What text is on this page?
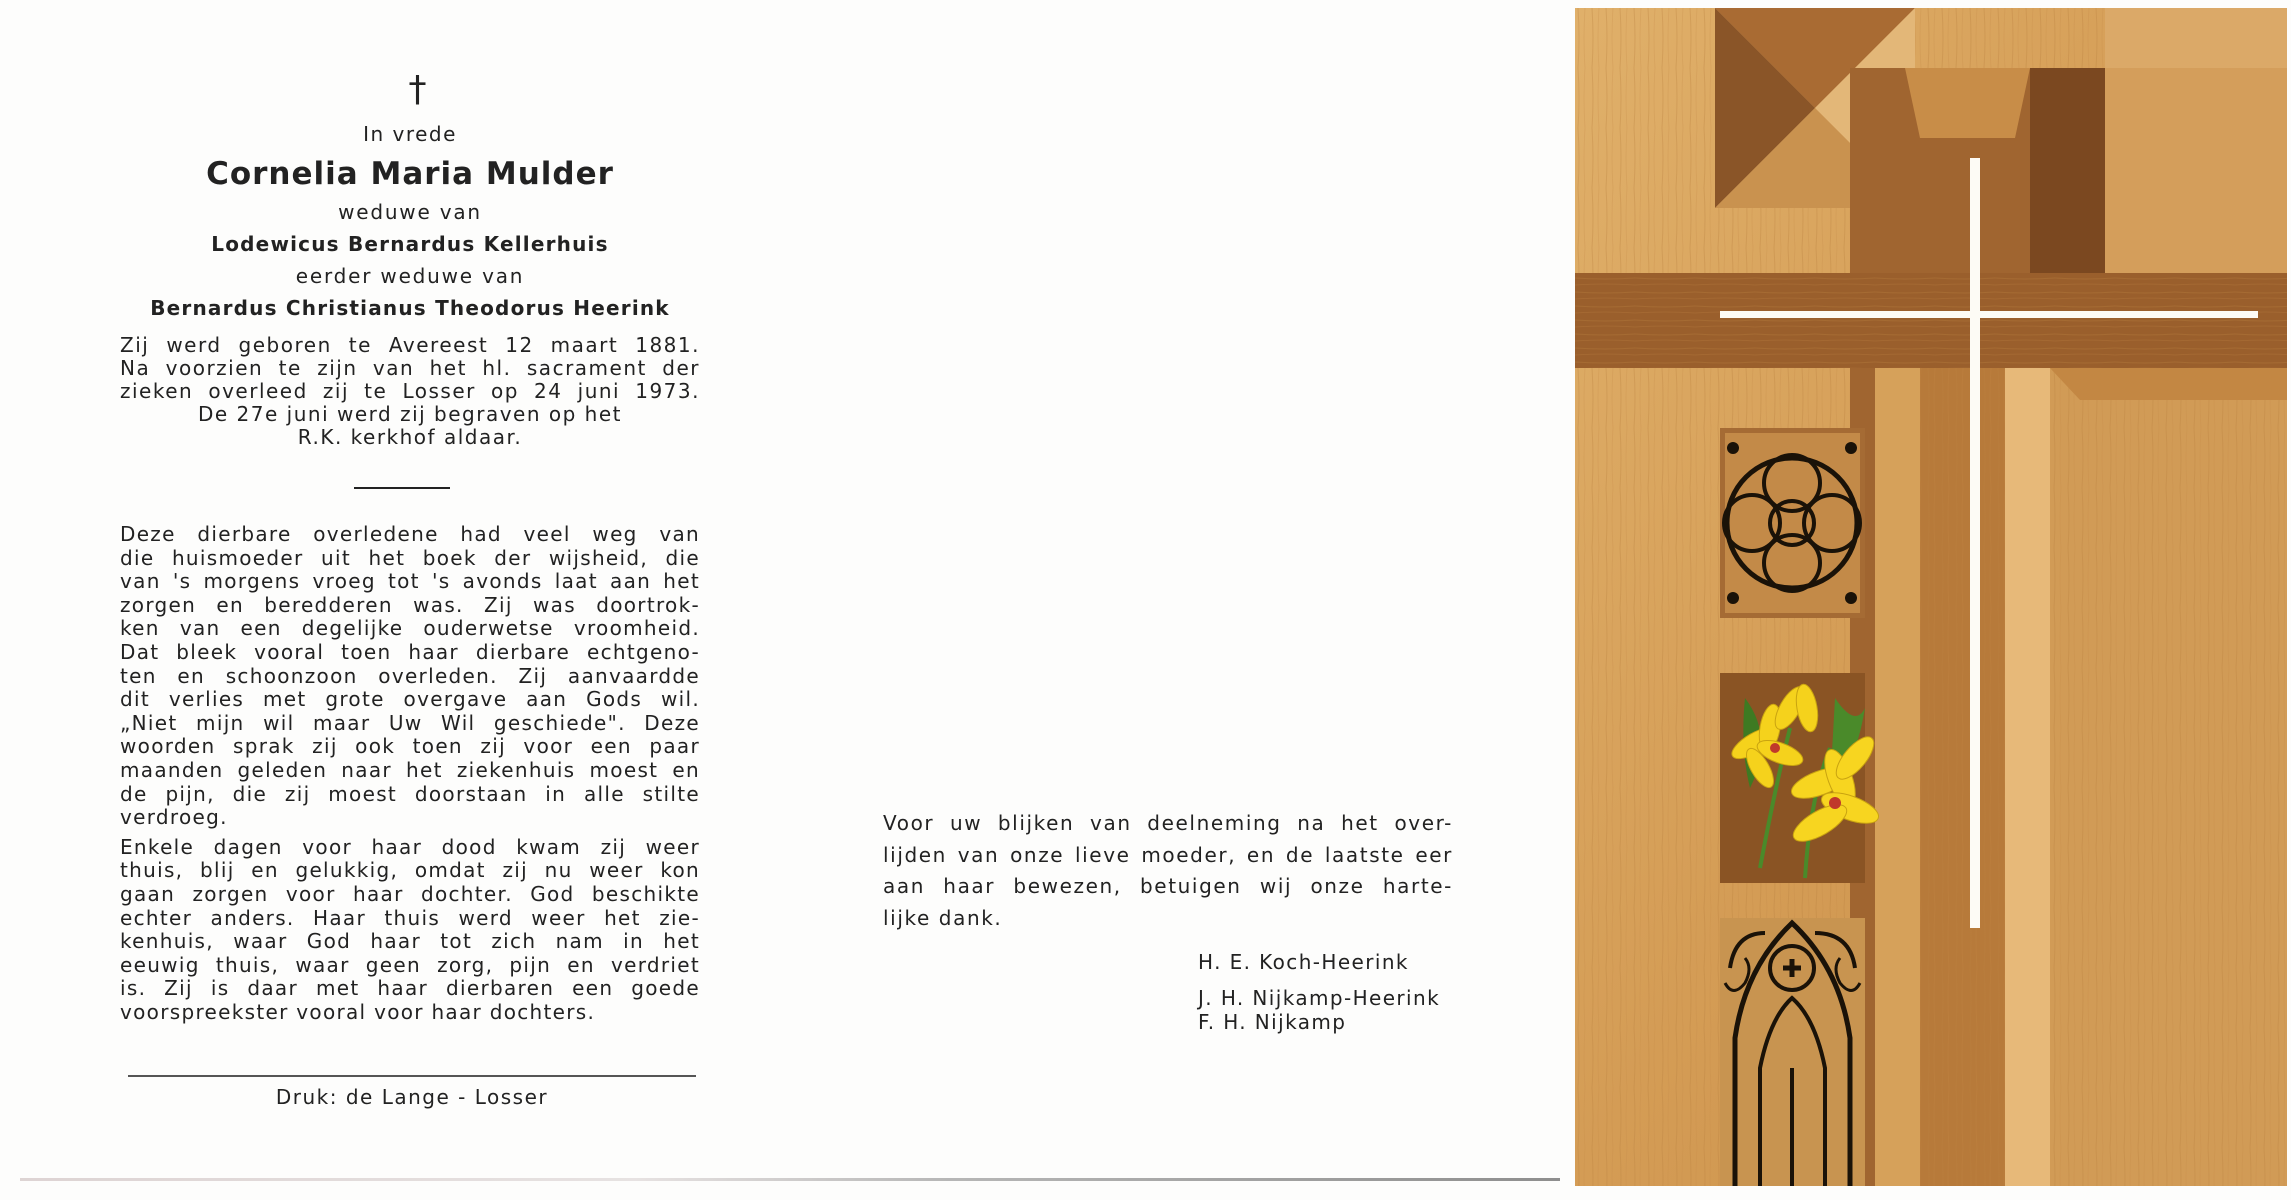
†
In vrede
Cornelia Maria Mulder
weduwe van
Lodewicus Bernardus Kellerhuis
eerder weduwe van
Bernardus Christianus Theodorus Heerink
Zij werd geboren te Avereest 12 maart 1881.
Na voorzien te zijn van het hl. sacrament der
zieken overleed zij te Losser op 24 juni 1973.
De 27e juni werd zij begraven op het
R.K. kerkhof aldaar.
Deze dierbare overledene had veel weg van
die huismoeder uit het boek der wijsheid, die
van 's morgens vroeg tot 's avonds laat aan het
zorgen en beredderen was. Zij was doortrok-
ken van een degelijke ouderwetse vroomheid.
Dat bleek vooral toen haar dierbare echtgeno-
ten en schoonzoon overleden. Zij aanvaardde
dit verlies met grote overgave aan Gods wil.
„Niet mijn wil maar Uw Wil geschiede". Deze
woorden sprak zij ook toen zij voor een paar
maanden geleden naar het ziekenhuis moest en
de pijn, die zij moest doorstaan in alle stilte
verdroeg.
Enkele dagen voor haar dood kwam zij weer
thuis, blij en gelukkig, omdat zij nu weer kon
gaan zorgen voor haar dochter. God beschikte
echter anders. Haar thuis werd weer het zie-
kenhuis, waar God haar tot zich nam in het
eeuwig thuis, waar geen zorg, pijn en verdriet
is. Zij is daar met haar dierbaren een goede
voorspreekster vooral voor haar dochters.
Druk: de Lange - Losser
Voor uw blijken van deelneming na het over-
lijden van onze lieve moeder, en de laatste eer
aan haar bewezen, betuigen wij onze harte-
lijke dank.
H. E. Koch-Heerink
J. H. Nijkamp-Heerink
F. H. Nijkamp
